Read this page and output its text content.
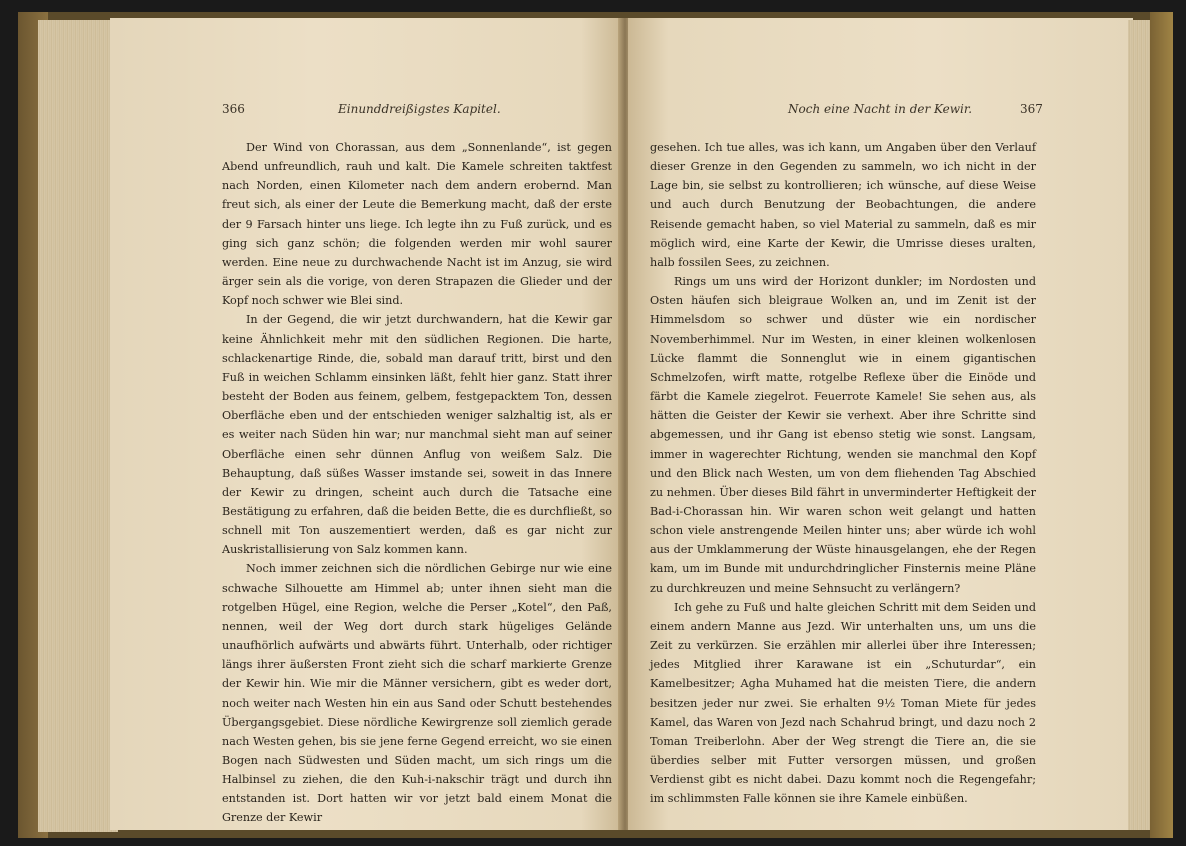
366	Einunddreißigstes Kapitel.

Der Wind von Chorassan, aus dem „Sonnenlande“, ist gegen Abend unfreundlich, rauh und kalt. Die Kamele schreiten taktfest nach Norden, einen Kilometer nach dem andern erobernd. Man freut sich, als einer der Leute die Bemerkung macht, daß der erste der 9 Farsach hinter uns liege. Ich legte ihn zu Fuß zurück, und es ging sich ganz schön; die folgenden werden mir wohl saurer werden. Eine neue zu durchwachende Nacht ist im Anzug, sie wird ärger sein als die vorige, von deren Strapazen die Glieder und der Kopf noch schwer wie Blei sind.

In der Gegend, die wir jetzt durchwandern, hat die Kewir gar keine Ähnlichkeit mehr mit den südlichen Regionen. Die harte, schlackenartige Rinde, die, sobald man darauf tritt, birst und den Fuß in weichen Schlamm einsinken läßt, fehlt hier ganz. Statt ihrer besteht der Boden aus feinem, gelbem, festgepacktem Ton, dessen Oberfläche eben und der entschieden weniger salzhaltig ist, als er es weiter nach Süden hin war; nur manchmal sieht man auf seiner Oberfläche einen sehr dünnen Anflug von weißem Salz. Die Behauptung, daß süßes Wasser imstande sei, soweit in das Innere der Kewir zu dringen, scheint auch durch die Tatsache eine Bestätigung zu erfahren, daß die beiden Bette, die es durchfließt, so schnell mit Ton auszementiert werden, daß es gar nicht zur Auskristallisierung von Salz kommen kann.

Noch immer zeichnen sich die nördlichen Gebirge nur wie eine schwache Silhouette am Himmel ab; unter ihnen sieht man die rotgelben Hügel, eine Region, welche die Perser „Kotel“, den Paß, nennen, weil der Weg dort durch stark hügeliges Gelände unaufhörlich aufwärts und abwärts führt. Unterhalb, oder richtiger längs ihrer äußersten Front zieht sich die scharf markierte Grenze der Kewir hin. Wie mir die Männer versichern, gibt es weder dort, noch weiter nach Westen hin ein aus Sand oder Schutt bestehendes Übergangsgebiet. Diese nördliche Kewirgrenze soll ziemlich gerade nach Westen gehen, bis sie jene ferne Gegend erreicht, wo sie einen Bogen nach Südwesten und Süden macht, um sich rings um die Halbinsel zu ziehen, die den Kuh-i-nakschir trägt und durch ihn entstanden ist. Dort hatten wir vor jetzt bald einem Monat die Grenze der Kewir

Noch eine Nacht in der Kewir.	367

gesehen. Ich tue alles, was ich kann, um Angaben über den Verlauf dieser Grenze in den Gegenden zu sammeln, wo ich nicht in der Lage bin, sie selbst zu kontrollieren; ich wünsche, auf diese Weise und auch durch Benutzung der Beobachtungen, die andere Reisende gemacht haben, so viel Material zu sammeln, daß es mir möglich wird, eine Karte der Kewir, die Umrisse dieses uralten, halb fossilen Sees, zu zeichnen.

Rings um uns wird der Horizont dunkler; im Nordosten und Osten häufen sich bleigraue Wolken an, und im Zenit ist der Himmelsdom so schwer und düster wie ein nordischer Novemberhimmel. Nur im Westen, in einer kleinen wolkenlosen Lücke flammt die Sonnenglut wie in einem gigantischen Schmelzofen, wirft matte, rotgelbe Reflexe über die Einöde und färbt die Kamele ziegelrot. Feuerrote Kamele! Sie sehen aus, als hätten die Geister der Kewir sie verhext. Aber ihre Schritte sind abgemessen, und ihr Gang ist ebenso stetig wie sonst. Langsam, immer in wagerechter Richtung, wenden sie manchmal den Kopf und den Blick nach Westen, um von dem fliehenden Tag Abschied zu nehmen. Über dieses Bild fährt in unverminderter Heftigkeit der Bad-i-Chorassan hin. Wir waren schon weit gelangt und hatten schon viele anstrengende Meilen hinter uns; aber würde ich wohl aus der Umklammerung der Wüste hinausgelangen, ehe der Regen kam, um im Bunde mit undurchdringlicher Finsternis meine Pläne zu durchkreuzen und meine Sehnsucht zu verlängern?

Ich gehe zu Fuß und halte gleichen Schritt mit dem Seiden und einem andern Manne aus Jezd. Wir unterhalten uns, um uns die Zeit zu verkürzen. Sie erzählen mir allerlei über ihre Interessen; jedes Mitglied ihrer Karawane ist ein „Schuturdar“, ein Kamelbesitzer; Agha Muhamed hat die meisten Tiere, die andern besitzen jeder nur zwei. Sie erhalten 9½ Toman Miete für jedes Kamel, das Waren von Jezd nach Schahrud bringt, und dazu noch 2 Toman Treiberlohn. Aber der Weg strengt die Tiere an, die sie überdies selber mit Futter versorgen müssen, und großen Verdienst gibt es nicht dabei. Dazu kommt noch die Regengefahr; im schlimmsten Falle können sie ihre Kamele einbüßen.
